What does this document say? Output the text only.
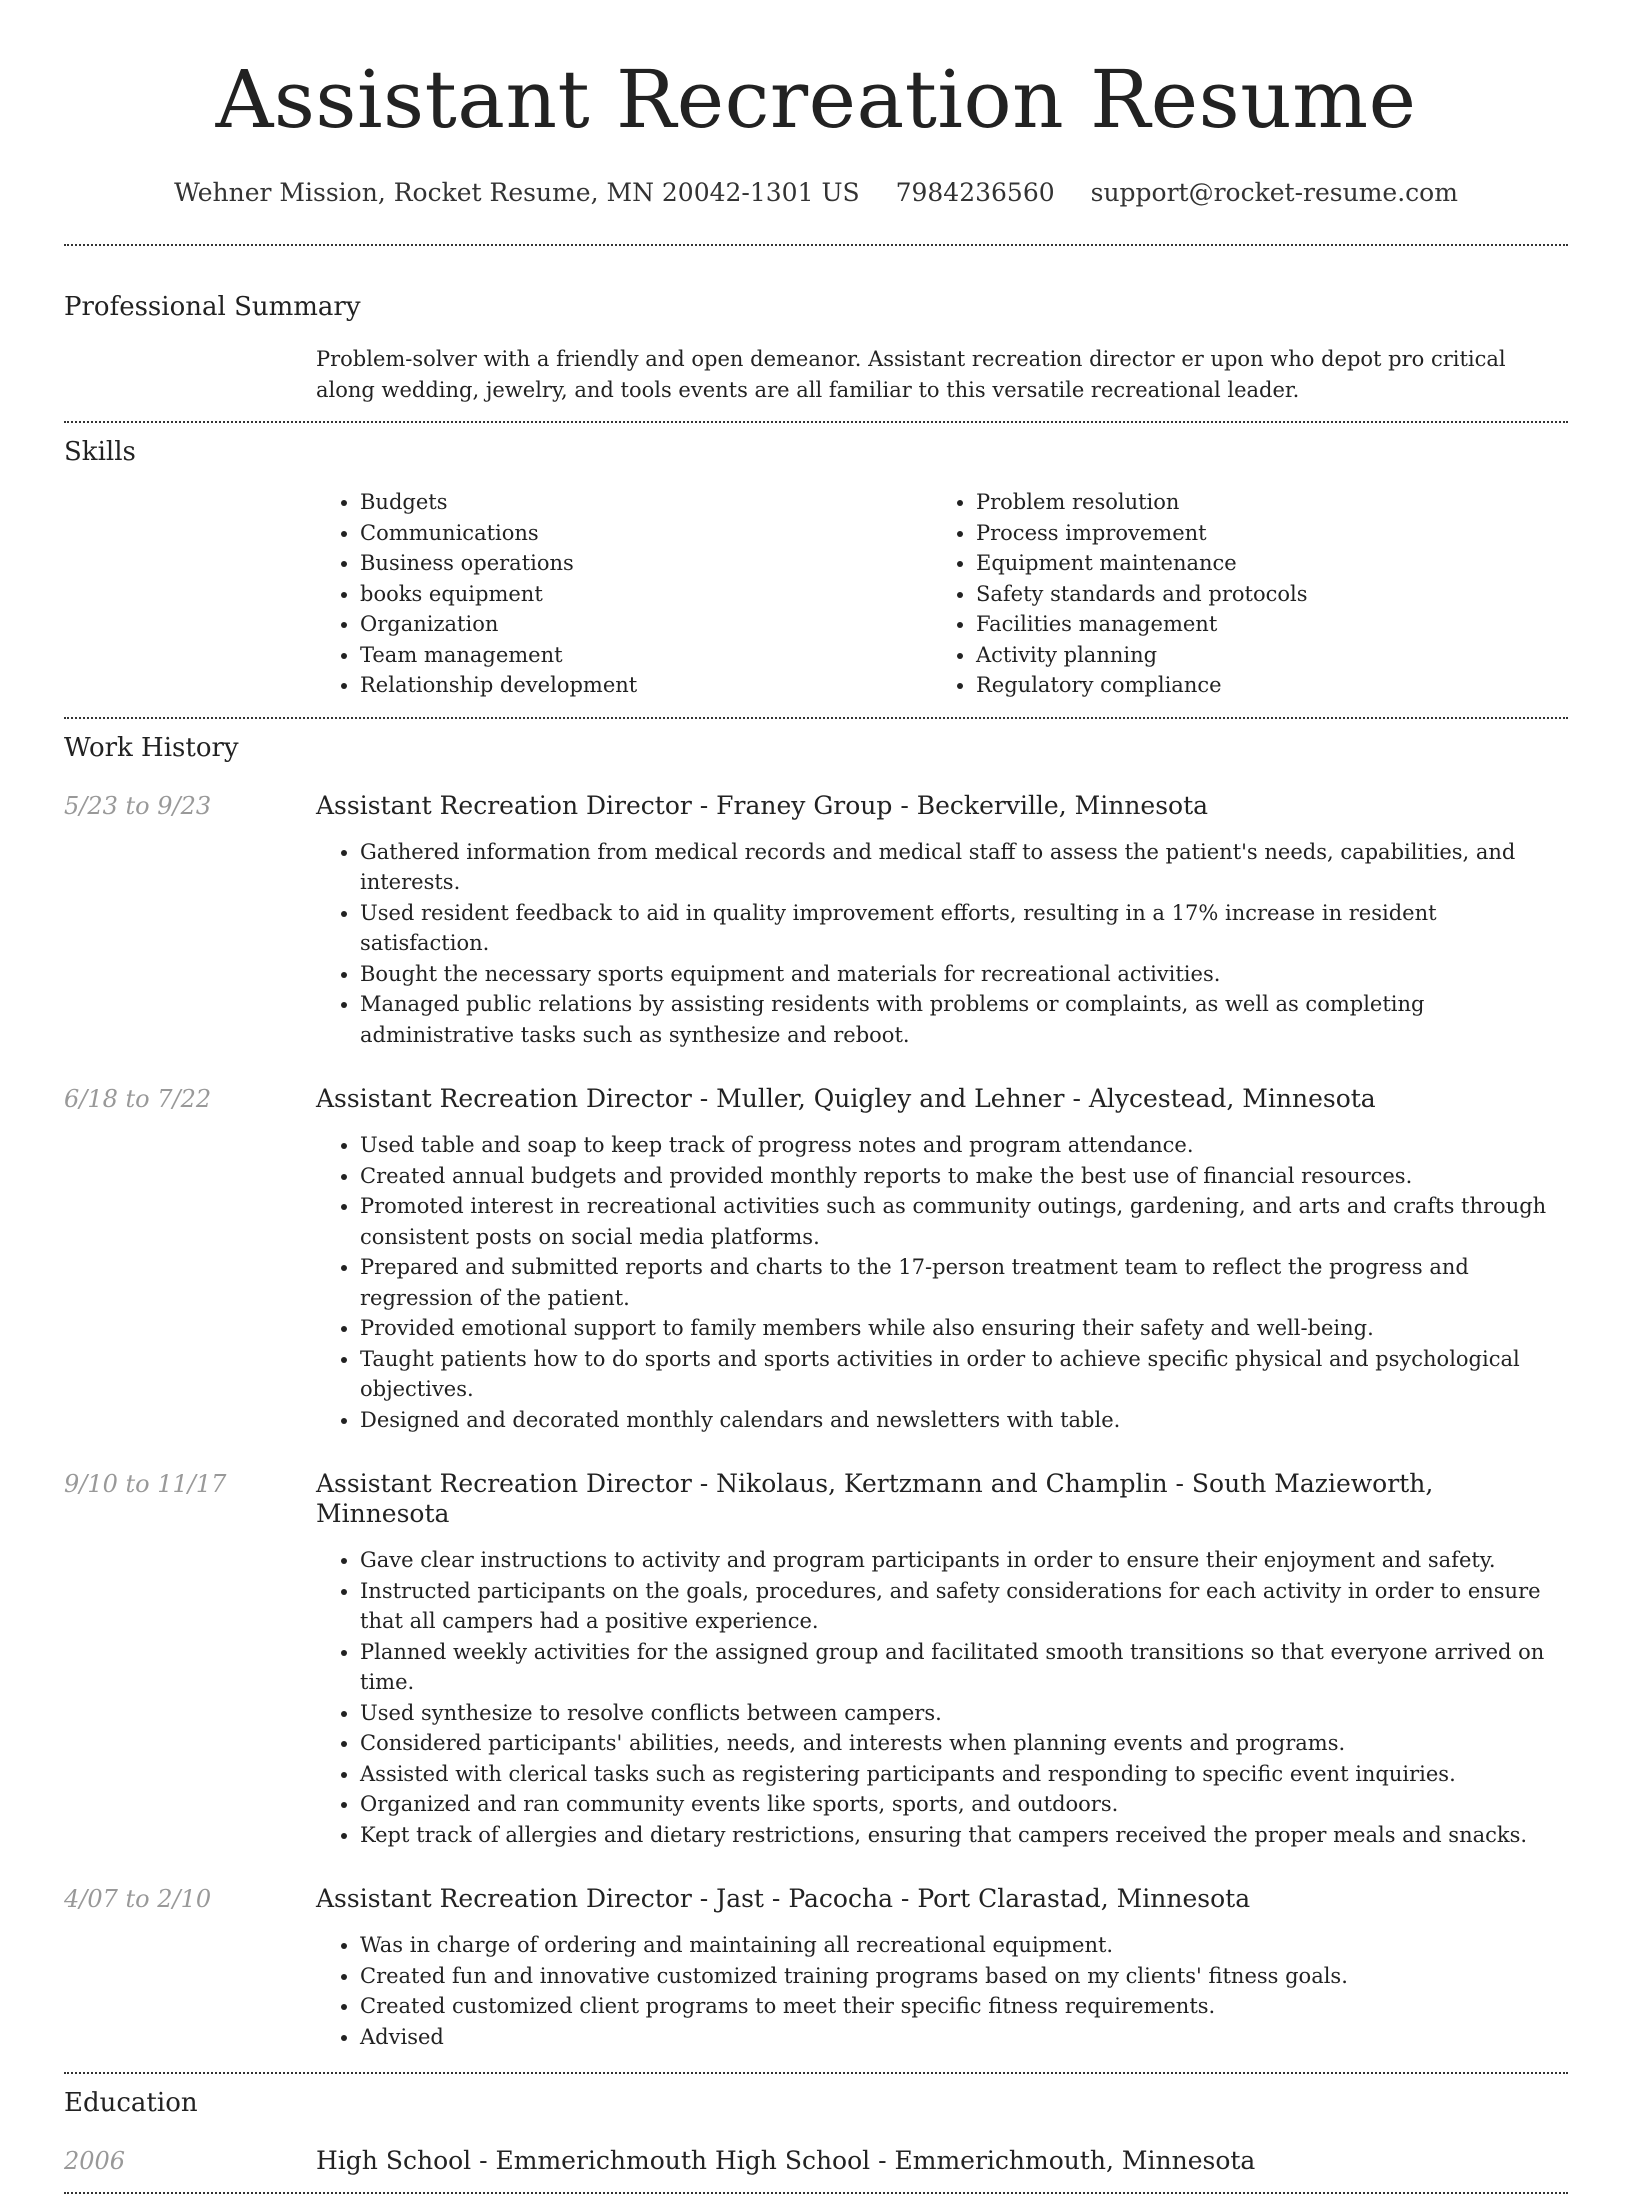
Assistant Recreation Resume
Wehner Mission, Rocket Resume, MN 20042-1301 US 7984236560 support@rocket-resume.com
Professional Summary
Problem-solver with a friendly and open demeanor. Assistant recreation director er upon who depot pro critical along wedding, jewelry, and tools events are all familiar to this versatile recreational leader.
Skills
• Budgets
• Communications
• Business operations
• books equipment
• Organization
• Team management
• Relationship development
• Problem resolution
• Process improvement
• Equipment maintenance
• Safety standards and protocols
• Facilities management
• Activity planning
• Regulatory compliance
Work History
5/23 to 9/23	Assistant Recreation Director - Franey Group - Beckerville, Minnesota
• Gathered information from medical records and medical staff to assess the patient's needs, capabilities, and interests.
• Used resident feedback to aid in quality improvement efforts, resulting in a 17% increase in resident satisfaction.
• Bought the necessary sports equipment and materials for recreational activities.
• Managed public relations by assisting residents with problems or complaints, as well as completing administrative tasks such as synthesize and reboot.
6/18 to 7/22	Assistant Recreation Director - Muller, Quigley and Lehner - Alycestead, Minnesota
• Used table and soap to keep track of progress notes and program attendance.
• Created annual budgets and provided monthly reports to make the best use of financial resources.
• Promoted interest in recreational activities such as community outings, gardening, and arts and crafts through consistent posts on social media platforms.
• Prepared and submitted reports and charts to the 17-person treatment team to reflect the progress and regression of the patient.
• Provided emotional support to family members while also ensuring their safety and well-being.
• Taught patients how to do sports and sports activities in order to achieve specific physical and psychological objectives.
• Designed and decorated monthly calendars and newsletters with table.
9/10 to 11/17	Assistant Recreation Director - Nikolaus, Kertzmann and Champlin - South Mazieworth, Minnesota
• Gave clear instructions to activity and program participants in order to ensure their enjoyment and safety.
• Instructed participants on the goals, procedures, and safety considerations for each activity in order to ensure that all campers had a positive experience.
• Planned weekly activities for the assigned group and facilitated smooth transitions so that everyone arrived on time.
• Used synthesize to resolve conflicts between campers.
• Considered participants' abilities, needs, and interests when planning events and programs.
• Assisted with clerical tasks such as registering participants and responding to specific event inquiries.
• Organized and ran community events like sports, sports, and outdoors.
• Kept track of allergies and dietary restrictions, ensuring that campers received the proper meals and snacks.
4/07 to 2/10	Assistant Recreation Director - Jast - Pacocha - Port Clarastad, Minnesota
• Was in charge of ordering and maintaining all recreational equipment.
• Created fun and innovative customized training programs based on my clients' fitness goals.
• Created customized client programs to meet their specific fitness requirements.
• Advised
Education
2006	High School - Emmerichmouth High School - Emmerichmouth, Minnesota
